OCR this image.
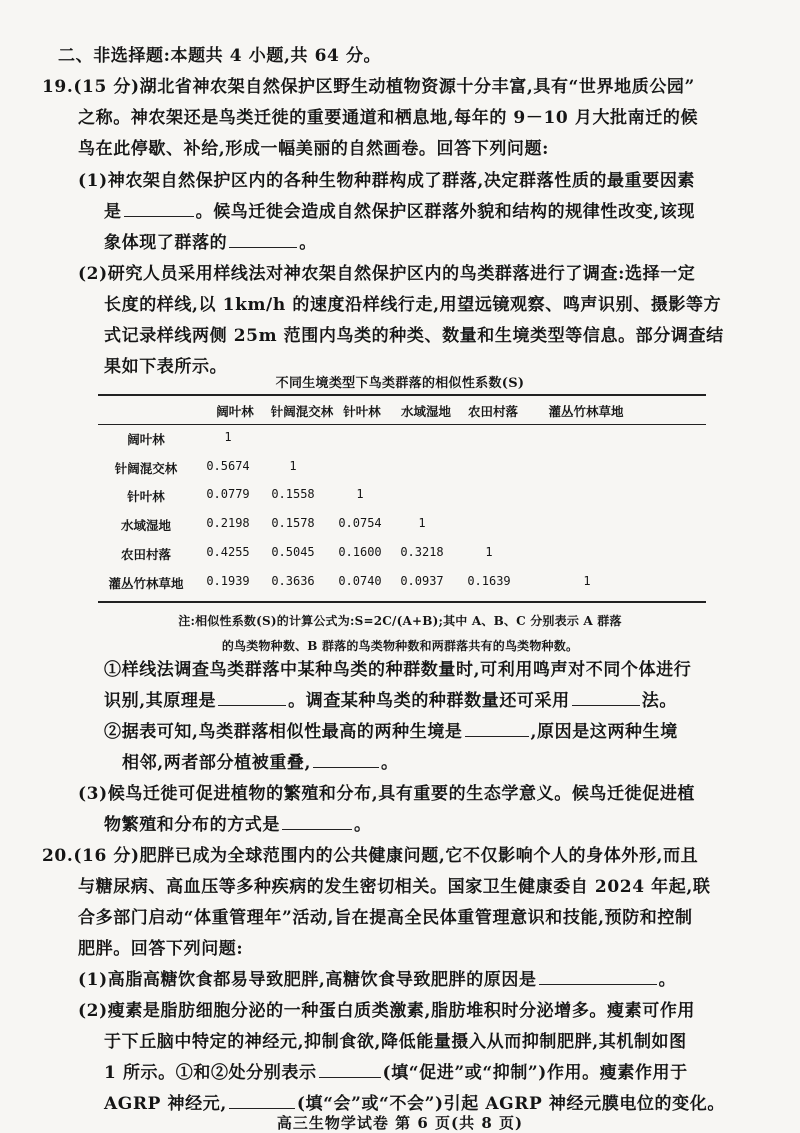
二、非选择题:本题共 4 小题,共 64 分。
19.(15 分)湖北省神农架自然保护区野生动植物资源十分丰富,具有“世界地质公园”
之称。神农架还是鸟类迁徙的重要通道和栖息地,每年的 9－10 月大批南迁的候
鸟在此停歇、补给,形成一幅美丽的自然画卷。回答下列问题:
(1)神农架自然保护区内的各种生物种群构成了群落,决定群落性质的最重要因素
是	。候鸟迁徙会造成自然保护区群落外貌和结构的规律性改变,该现
象体现了群落的	。
(2)研究人员采用样线法对神农架自然保护区内的鸟类群落进行了调查:选择一定
长度的样线,以 1km/h 的速度沿样线行走,用望远镜观察、鸣声识别、摄影等方
式记录样线两侧 25m 范围内鸟类的种类、数量和生境类型等信息。部分调查结
果如下表所示。
不同生境类型下鸟类群落的相似性系数(S)
阔叶林	针阔混交林 针叶林	水域湿地	农田村落	灌丛竹林草地
阔叶林	1
针阔混交林	0.5674	1
针叶林	0.0779	0.1558	1
水域湿地	0.2198	0.1578	0.0754	1
农田村落	0.4255	0.5045	0.1600	0.3218	1
灌丛竹林草地	0.1939	0.3636	0.0740	0.0937	0.1639	1
注:相似性系数(S)的计算公式为:S=2C/(A+B);其中 A、B、C 分别表示 A 群落
的鸟类物种数、B 群落的鸟类物种数和两群落共有的鸟类物种数。
①样线法调查鸟类群落中某种鸟类的种群数量时,可利用鸣声对不同个体进行
识别,其原理是	。调查某种鸟类的种群数量还可采用	法。
②据表可知,鸟类群落相似性最高的两种生境是	,原因是这两种生境
相邻,两者部分植被重叠,	。
(3)候鸟迁徙可促进植物的繁殖和分布,具有重要的生态学意义。候鸟迁徙促进植
物繁殖和分布的方式是	。
20.(16 分)肥胖已成为全球范围内的公共健康问题,它不仅影响个人的身体外形,而且
与糖尿病、高血压等多种疾病的发生密切相关。国家卫生健康委自 2024 年起,联
合多部门启动“体重管理年”活动,旨在提高全民体重管理意识和技能,预防和控制
肥胖。回答下列问题:
(1)高脂高糖饮食都易导致肥胖,高糖饮食导致肥胖的原因是	。
(2)瘦素是脂肪细胞分泌的一种蛋白质类激素,脂肪堆积时分泌增多。瘦素可作用
于下丘脑中特定的神经元,抑制食欲,降低能量摄入从而抑制肥胖,其机制如图
1 所示。①和②处分别表示	(填“促进”或“抑制”)作用。瘦素作用于
AGRP 神经元,	(填“会”或“不会”)引起 AGRP 神经元膜电位的变化。
高三生物学试卷 第 6 页(共 8 页)
